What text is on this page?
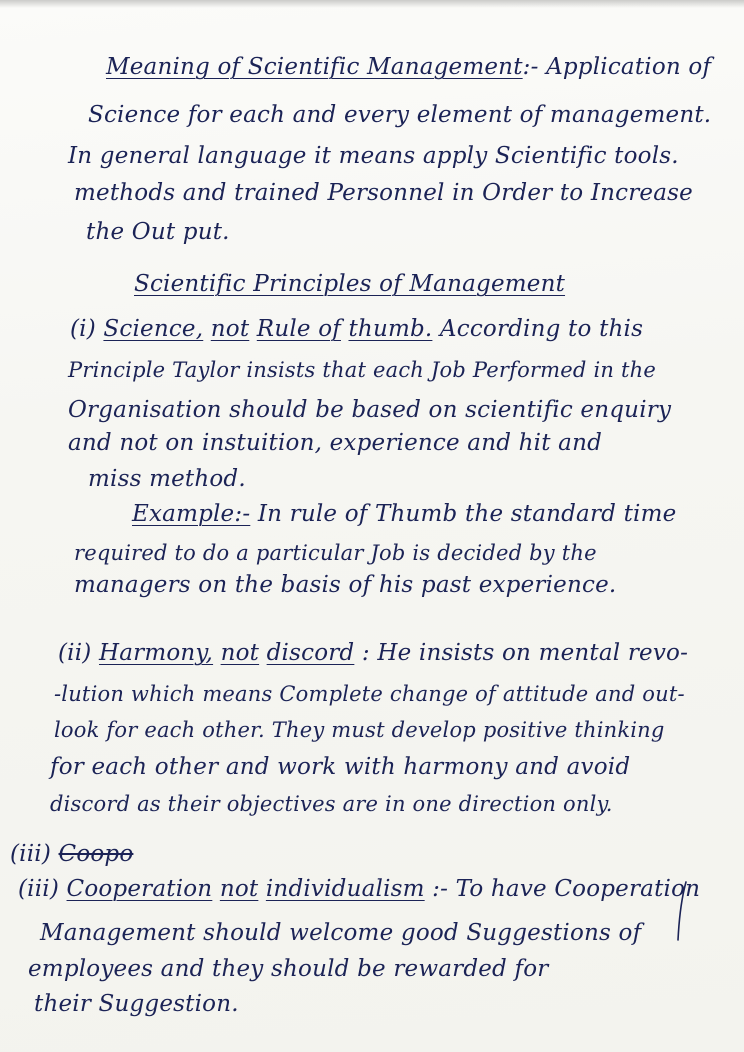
Meaning of Scientific Management:- Application of
Science for each and every element of management.
In general language it means apply Scientific tools.
methods and trained Personnel in Order to Increase
the Out put.
Scientific Principles of Management
(i) Science, not Rule of thumb. According to this
Principle Taylor insists that each Job Performed in the
Organisation should be based on scientific enquiry
and not on instuition, experience and hit and
miss method.
Example:- In rule of Thumb the standard time
required to do a particular Job is decided by the
managers on the basis of his past experience.
(ii) Harmony, not discord : He insists on mental revo-
-lution which means Complete change of attitude and out-
look for each other. They must develop positive thinking
for each other and work with harmony and avoid
discord as their objectives are in one direction only.
(iii) Coopo
(iii) Cooperation not individualism :- To have Cooperation
Management should welcome good Suggestions of
employees and they should be rewarded for
their Suggestion.
